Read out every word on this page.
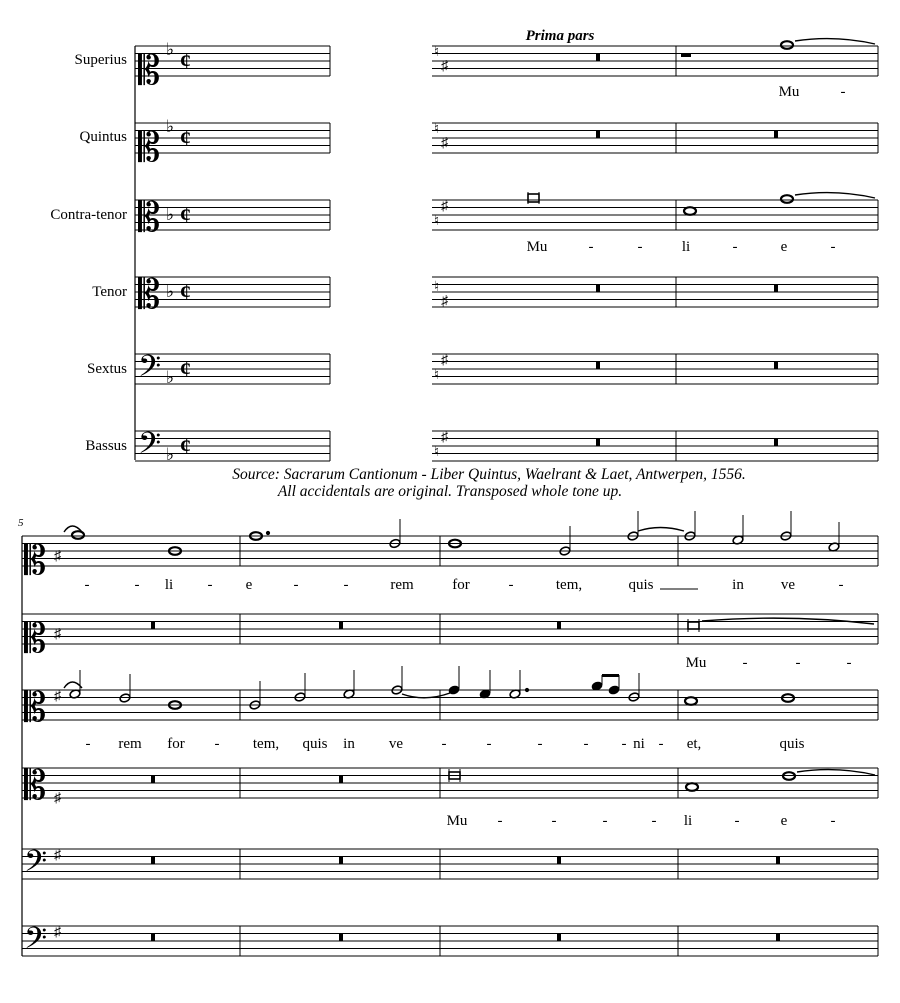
Prima pars
Superius
Quintus
Contra-tenor
Tenor
Sextus
Bassus
𝄡
𝄡
𝄡
𝄡
𝄢
𝄢
♭
♭
♭
♭
♭
♭
¢
¢
¢
¢
¢
¢
♮
♯
♮
♯
♮
♯
♮
♯
♮
♯
♮
♯
Mu	-
Mu	-	-	li	-	e	-
Source: Sacrarum Cantionum - Liber Quintus, Waelrant & Laet, Antwerpen, 1556.
All accidentals are original. Transposed whole tone up.
5
𝄡
𝄡
𝄡
𝄡
𝄢
𝄢
♯
♯
♯
♯
♯
♯
-	- li - e	-	-	rem	for	-	tem,	quis	in ve	-
Mu -	-	-
- rem for - tem, quis in ve	-	-	-	- - ni - et,	quis
Mu -	-	-	- li	-	e	-
